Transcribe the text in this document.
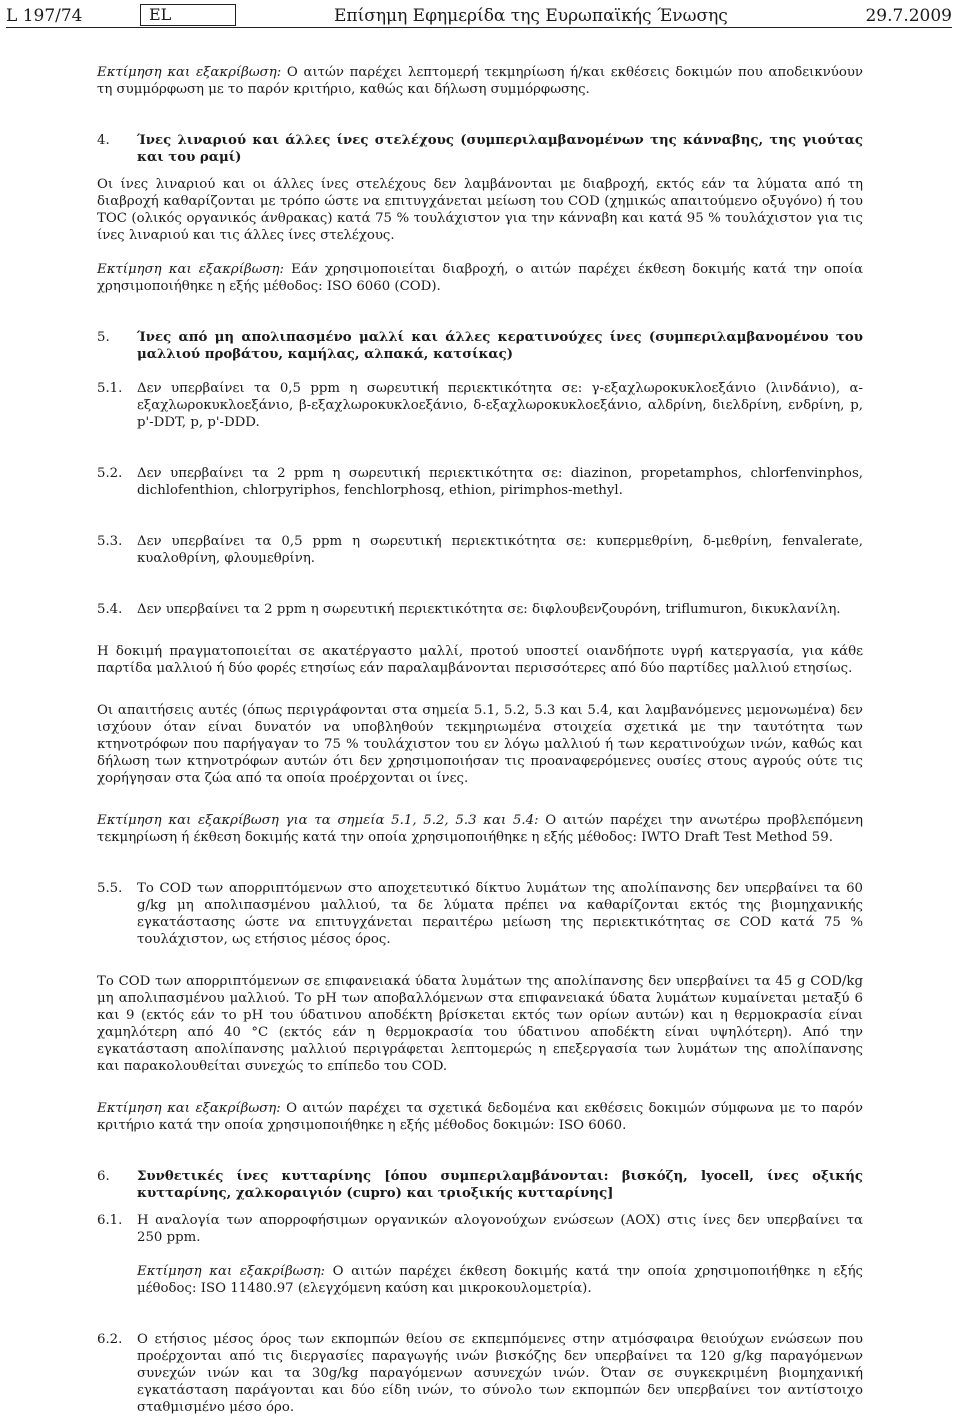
L 197/74	EL	Επίσημη Εφημερίδα της Ευρωπαϊκής Ένωσης	29.7.2009

Εκτίμηση και εξακρίβωση: Ο αιτών παρέχει λεπτομερή τεκμηρίωση ή/και εκθέσεις δοκιμών που αποδεικνύουν τη συμμόρφωση με το παρόν κριτήριο, καθώς και δήλωση συμμόρφωσης.

4.	Ίνες λιναριού και άλλες ίνες στελέχους (συμπεριλαμβανομένων της κάνναβης, της γιούτας και του ραμί)

Οι ίνες λιναριού και οι άλλες ίνες στελέχους δεν λαμβάνονται με διαβροχή, εκτός εάν τα λύματα από τη διαβροχή καθαρίζονται με τρόπο ώστε να επιτυγχάνεται μείωση του COD (χημικώς απαιτούμενο οξυγόνο) ή του TOC (ολικός οργανικός άνθρακας) κατά 75 % τουλάχιστον για την κάνναβη και κατά 95 % τουλάχιστον για τις ίνες λιναριού και τις άλλες ίνες στελέχους.

Εκτίμηση και εξακρίβωση: Εάν χρησιμοποιείται διαβροχή, ο αιτών παρέχει έκθεση δοκιμής κατά την οποία χρησιμοποιήθηκε η εξής μέθοδος: ISO 6060 (COD).

5.	Ίνες από μη απολιπασμένο μαλλί και άλλες κερατινούχες ίνες (συμπεριλαμβανομένου του μαλλιού προβάτου, καμήλας, αλπακά, κατσίκας)
5.1.	Δεν υπερβαίνει τα 0,5 ppm η σωρευτική περιεκτικότητα σε: γ-εξαχλωροκυκλοεξάνιο (λινδάνιο), α-εξαχλωροκυκλοεξάνιο, β-εξαχλωροκυκλοεξάνιο, δ-εξαχλωροκυκλοεξάνιο, αλδρίνη, διελδρίνη, ενδρίνη, p, p'-DDT, p, p'-DDD.
5.2.	Δεν υπερβαίνει τα 2 ppm η σωρευτική περιεκτικότητα σε: diazinon, propetamphos, chlorfenvinphos, dichlofenthion, chlorpyriphos, fenchlorphosq, ethion, pirimphos-methyl.
5.3.	Δεν υπερβαίνει τα 0,5 ppm η σωρευτική περιεκτικότητα σε: κυπερμεθρίνη, δ-μεθρίνη, fenvalerate, κυαλοθρίνη, φλουμεθρίνη.
5.4.	Δεν υπερβαίνει τα 2 ppm η σωρευτική περιεκτικότητα σε: διφλουβενζουρόνη, triflumuron, δικυκλανίλη.

Η δοκιμή πραγματοποιείται σε ακατέργαστο μαλλί, προτού υποστεί οιανδήποτε υγρή κατεργασία, για κάθε παρτίδα μαλλιού ή δύο φορές ετησίως εάν παραλαμβάνονται περισσότερες από δύο παρτίδες μαλλιού ετησίως.

Οι απαιτήσεις αυτές (όπως περιγράφονται στα σημεία 5.1, 5.2, 5.3 και 5.4, και λαμβανόμενες μεμονωμένα) δεν ισχύουν όταν είναι δυνατόν να υποβληθούν τεκμηριωμένα στοιχεία σχετικά με την ταυτότητα των κτηνοτρόφων που παρήγαγαν το 75 % τουλάχιστον του εν λόγω μαλλιού ή των κερατινούχων ινών, καθώς και δήλωση των κτηνοτρόφων αυτών ότι δεν χρησιμοποιήσαν τις προαναφερόμενες ουσίες στους αγρούς ούτε τις χορήγησαν στα ζώα από τα οποία προέρχονται οι ίνες.

Εκτίμηση και εξακρίβωση για τα σημεία 5.1, 5.2, 5.3 και 5.4: Ο αιτών παρέχει την ανωτέρω προβλεπόμενη τεκμηρίωση ή έκθεση δοκιμής κατά την οποία χρησιμοποιήθηκε η εξής μέθοδος: IWTO Draft Test Method 59.

5.5.	Το COD των απορριπτόμενων στο αποχετευτικό δίκτυο λυμάτων της απολίπανσης δεν υπερβαίνει τα 60 g/kg μη απολιπασμένου μαλλιού, τα δε λύματα πρέπει να καθαρίζονται εκτός της βιομηχανικής εγκατάστασης ώστε να επιτυγχάνεται περαιτέρω μείωση της περιεκτικότητας σε COD κατά 75 % τουλάχιστον, ως ετήσιος μέσος όρος.

Το COD των απορριπτόμενων σε επιφανειακά ύδατα λυμάτων της απολίπανσης δεν υπερβαίνει τα 45 g COD/kg μη απολιπασμένου μαλλιού. Το pH των αποβαλλόμενων στα επιφανειακά ύδατα λυμάτων κυμαίνεται μεταξύ 6 και 9 (εκτός εάν το pH του ύδατινου αποδέκτη βρίσκεται εκτός των ορίων αυτών) και η θερμοκρασία είναι χαμηλότερη από 40 °C (εκτός εάν η θερμοκρασία του ύδατινου αποδέκτη είναι υψηλότερη). Από την εγκατάσταση απολίπανσης μαλλιού περιγράφεται λεπτομερώς η επεξεργασία των λυμάτων της απολίπανσης και παρακολουθείται συνεχώς το επίπεδο του COD.

Εκτίμηση και εξακρίβωση: Ο αιτών παρέχει τα σχετικά δεδομένα και εκθέσεις δοκιμών σύμφωνα με το παρόν κριτήριο κατά την οποία χρησιμοποιήθηκε η εξής μέθοδος δοκιμών: ISO 6060.

6.	Συνθετικές ίνες κυτταρίνης [όπου συμπεριλαμβάνονται: βισκόζη, lyocell, ίνες οξικής κυτταρίνης, χαλκοραιγιόν (cupro) και τριοξικής κυτταρίνης]
6.1.	Η αναλογία των απορροφήσιμων οργανικών αλογονούχων ενώσεων (AOX) στις ίνες δεν υπερβαίνει τα 250 ppm.

Εκτίμηση και εξακρίβωση: Ο αιτών παρέχει έκθεση δοκιμής κατά την οποία χρησιμοποιήθηκε η εξής μέθοδος: ISO 11480.97 (ελεγχόμενη καύση και μικροκουλομετρία).

6.2.	Ο ετήσιος μέσος όρος των εκπομπών θείου σε εκπεμπόμενες στην ατμόσφαιρα θειούχων ενώσεων που προέρχονται από τις διεργασίες παραγωγής ινών βισκόζης δεν υπερβαίνει τα 120 g/kg παραγόμενων συνεχών ινών και τα 30g/kg παραγόμενων ασυνεχών ινών. Όταν σε συγκεκριμένη βιομηχανική εγκατάσταση παράγονται και δύο είδη ινών, το σύνολο των εκπομπών δεν υπερβαίνει τον αντίστοιχο σταθμισμένο μέσο όρο.
